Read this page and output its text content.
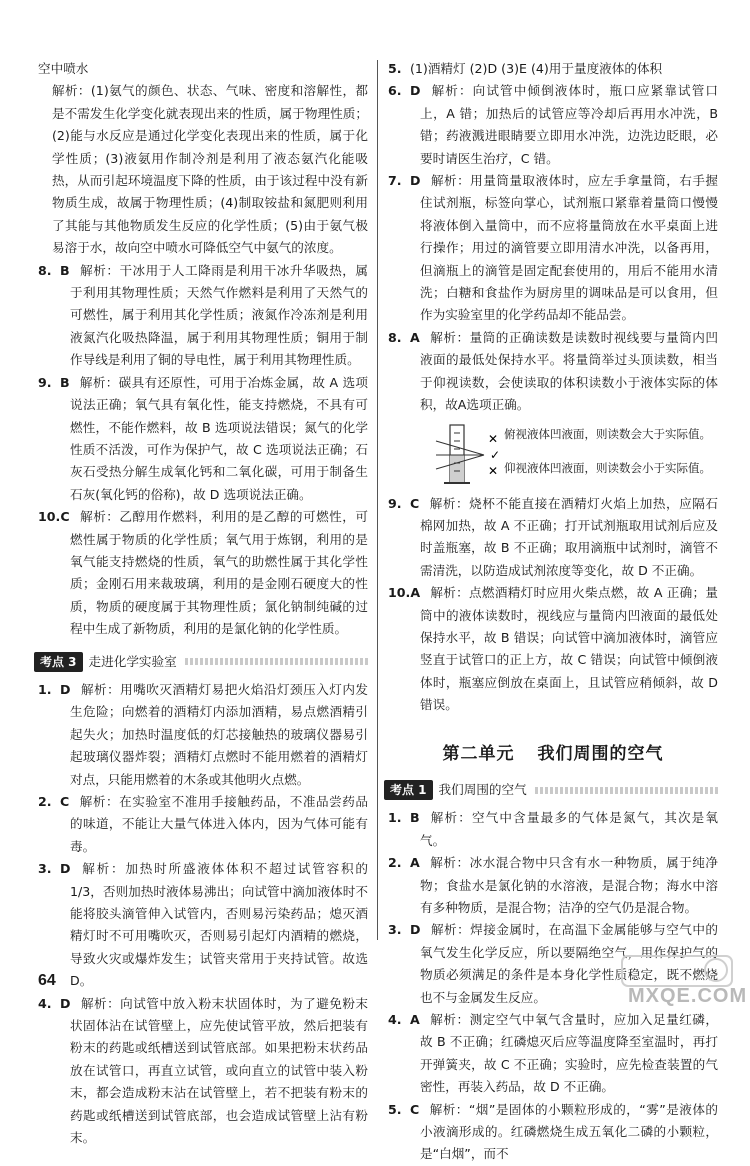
空中喷水

解析：(1)氨气的颜色、状态、气味、密度和溶解性，都是不需发生化学变化就表现出来的性质，属于物理性质；(2)能与水反应是通过化学变化表现出来的性质，属于化学性质；(3)液氨用作制冷剂是利用了液态氨汽化能吸热，从而引起环境温度下降的性质，由于该过程中没有新物质生成，故属于物理性质；(4)制取铵盐和氮肥则利用了其能与其他物质发生反应的化学性质；(5)由于氨气极易溶于水，故向空中喷水可降低空气中氨气的浓度。

8. B 解析：干冰用于人工降雨是利用干冰升华吸热，属于利用其物理性质；天然气作燃料是利用了天然气的可燃性，属于利用其化学性质；液氮作冷冻剂是利用液氮汽化吸热降温，属于利用其物理性质；铜用于制作导线是利用了铜的导电性，属于利用其物理性质。

9. B 解析：碳具有还原性，可用于冶炼金属，故 A 选项说法正确；氧气具有氧化性，能支持燃烧，不具有可燃性，不能作燃料，故 B 选项说法错误；氮气的化学性质不活泼，可作为保护气，故 C 选项说法正确；石灰石受热分解生成氧化钙和二氧化碳，可用于制备生石灰(氧化钙的俗称)，故 D 选项说法正确。

10.C 解析：乙醇用作燃料，利用的是乙醇的可燃性，可燃性属于物质的化学性质；氧气用于炼钢，利用的是氧气能支持燃烧的性质，氧气的助燃性属于其化学性质；金刚石用来裁玻璃，利用的是金刚石硬度大的性质，物质的硬度属于其物理性质；氯化钠制纯碱的过程中生成了新物质，利用的是氯化钠的化学性质。

考点 3 走进化学实验室

1. D 解析：用嘴吹灭酒精灯易把火焰沿灯颈压入灯内发生危险；向燃着的酒精灯内添加酒精，易点燃酒精引起失火；加热时温度低的灯芯接触热的玻璃仪器易引起玻璃仪器炸裂；酒精灯点燃时不能用燃着的酒精灯对点，只能用燃着的木条或其他明火点燃。

2. C 解析：在实验室不准用手接触药品，不准品尝药品的味道，不能让大量气体进入体内，因为气体可能有毒。

3. D 解析：加热时所盛液体体积不超过试管容积的 1/3，否则加热时液体易沸出；向试管中滴加液体时不能将胶头滴管伸入试管内，否则易污染药品；熄灭酒精灯时不可用嘴吹灭，否则易引起灯内酒精的燃烧，导致火灾或爆炸发生；试管夹常用于夹持试管。故选 D。

4. D 解析：向试管中放入粉末状固体时，为了避免粉末状固体沾在试管壁上，应先使试管平放，然后把装有粉末的药匙或纸槽送到试管底部。如果把粉末状药品放在试管口，再直立试管，或向直立的试管中装入粉末，都会造成粉末沾在试管壁上，若不把装有粉末的药匙或纸槽送到试管底部，也会造成试管壁上沾有粉末。

5. (1)酒精灯 (2)D (3)E (4)用于量度液体的体积

6. D 解析：向试管中倾倒液体时，瓶口应紧靠试管口上，A 错；加热后的试管应等冷却后再用水冲洗，B 错；药液溅进眼睛要立即用水冲洗，边洗边眨眼，必要时请医生治疗，C 错。

7. D 解析：用量筒量取液体时，应左手拿量筒，右手握住试剂瓶，标签向掌心，试剂瓶口紧靠着量筒口慢慢将液体倒入量筒中，而不应将量筒放在水平桌面上进行操作；用过的滴管要立即用清水冲洗，以备再用，但滴瓶上的滴管是固定配套使用的，用后不能用水清洗；白糖和食盐作为厨房里的调味品是可以食用，但作为实验室里的化学药品却不能品尝。

8. A 解析：量筒的正确读数是读数时视线要与量筒内凹液面的最低处保持水平。将量筒举过头顶读数，相当于仰视读数，会使读取的体积读数小于液体实际的体积，故A选项正确。

✕
✓
✕
俯视液体凹液面，则读数会大于实际值。
仰视液体凹液面，则读数会小于实际值。

9. C 解析：烧杯不能直接在酒精灯火焰上加热，应隔石棉网加热，故 A 不正确；打开试剂瓶取用试剂后应及时盖瓶塞，故 B 不正确；取用滴瓶中试剂时，滴管不需清洗，以防造成试剂浓度等变化，故 D 不正确。

10.A 解析：点燃酒精灯时应用火柴点燃，故 A 正确；量筒中的液体读数时，视线应与量筒内凹液面的最低处保持水平，故 B 错误；向试管中滴加液体时，滴管应竖直于试管口的正上方，故 C 错误；向试管中倾倒液体时，瓶塞应倒放在桌面上，且试管应稍倾斜，故 D 错误。

第二单元 我们周围的空气
考点 1 我们周围的空气

1. B 解析：空气中含量最多的气体是氮气，其次是氧气。

2. A 解析：冰水混合物中只含有水一种物质，属于纯净物；食盐水是氯化钠的水溶液，是混合物；海水中溶有多种物质，是混合物；洁净的空气仍是混合物。

3. D 解析：焊接金属时，在高温下金属能够与空气中的氧气发生化学反应，所以要隔绝空气，用作保护气的物质必须满足的条件是本身化学性质稳定，既不燃烧也不与金属发生反应。

4. A 解析：测定空气中氧气含量时，应加入足量红磷，故 B 不正确；红磷熄灭后应等温度降至室温时，再打开弹簧夹，故 C 不正确；实验时，应先检查装置的气密性，再装入药品，故 D 不正确。

5. C 解析：“烟”是固体的小颗粒形成的，“雾”是液体的小液滴形成的。红磷燃烧生成五氧化二磷的小颗粒，是“白烟”，而不

64
MXQE.COM
